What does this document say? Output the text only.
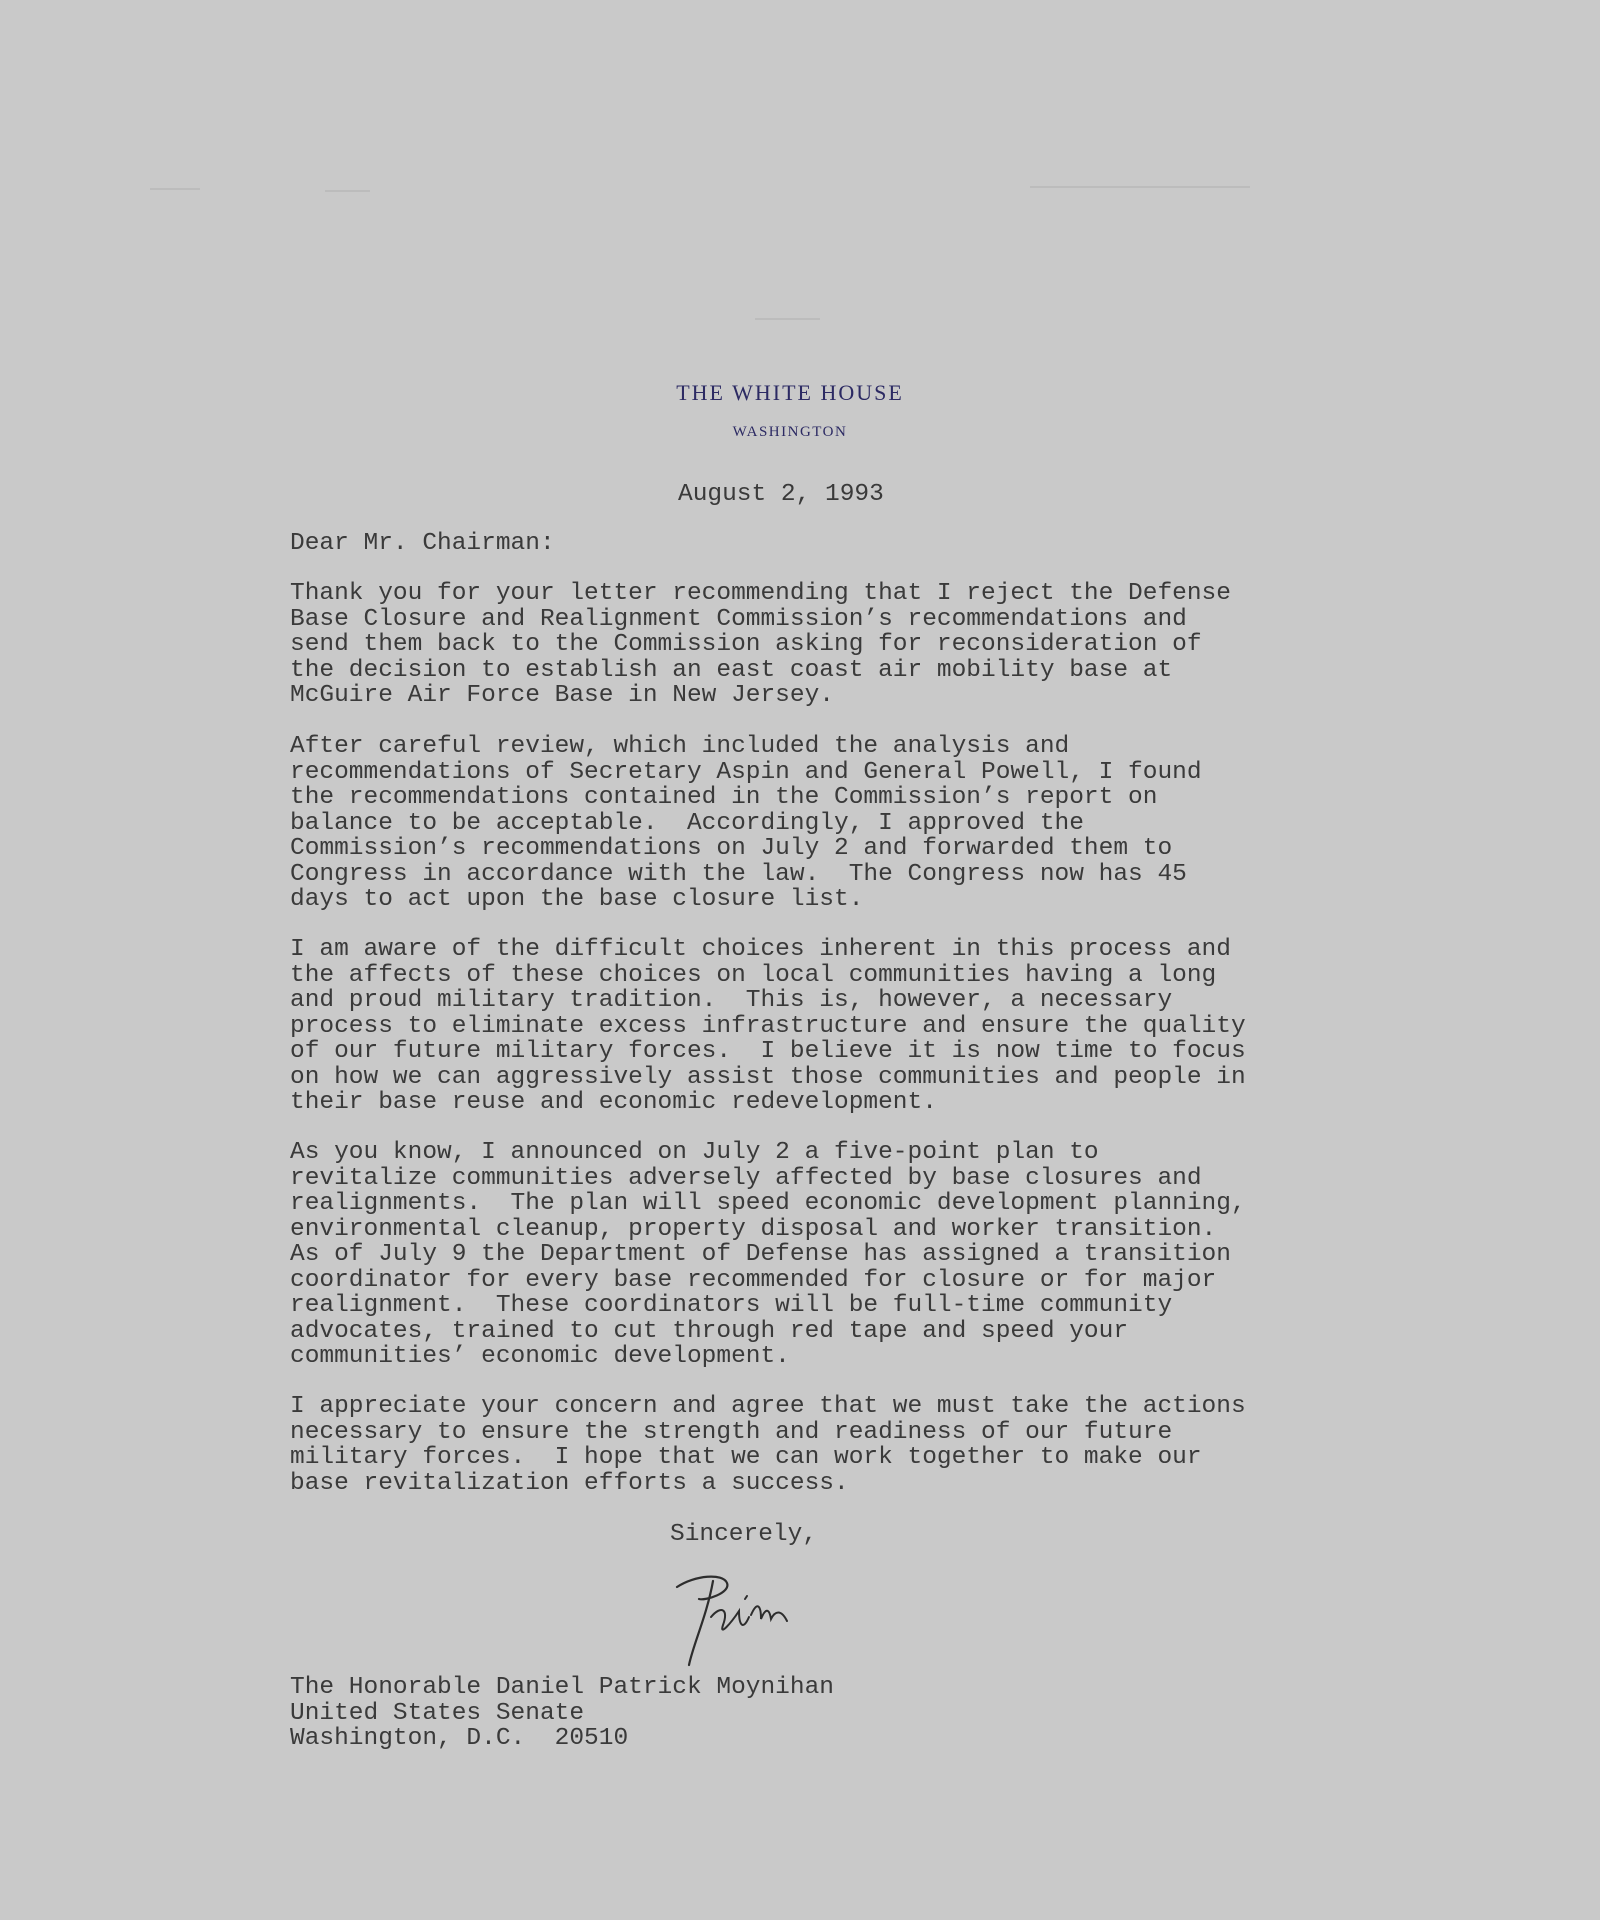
THE WHITE HOUSE
WASHINGTON
August 2, 1993
Dear Mr. Chairman:

Thank you for your letter recommending that I reject the Defense
Base Closure and Realignment Commission’s recommendations and
send them back to the Commission asking for reconsideration of
the decision to establish an east coast air mobility base at
McGuire Air Force Base in New Jersey.

After careful review, which included the analysis and
recommendations of Secretary Aspin and General Powell, I found
the recommendations contained in the Commission’s report on
balance to be acceptable.  Accordingly, I approved the
Commission’s recommendations on July 2 and forwarded them to
Congress in accordance with the law.  The Congress now has 45
days to act upon the base closure list.

I am aware of the difficult choices inherent in this process and
the affects of these choices on local communities having a long
and proud military tradition.  This is, however, a necessary
process to eliminate excess infrastructure and ensure the quality
of our future military forces.  I believe it is now time to focus
on how we can aggressively assist those communities and people in
their base reuse and economic redevelopment.

As you know, I announced on July 2 a five-point plan to
revitalize communities adversely affected by base closures and
realignments.  The plan will speed economic development planning,
environmental cleanup, property disposal and worker transition.
As of July 9 the Department of Defense has assigned a transition
coordinator for every base recommended for closure or for major
realignment.  These coordinators will be full-time community
advocates, trained to cut through red tape and speed your
communities’ economic development.

I appreciate your concern and agree that we must take the actions
necessary to ensure the strength and readiness of our future
military forces.  I hope that we can work together to make our
base revitalization efforts a success.

Sincerely,

The Honorable Daniel Patrick Moynihan
United States Senate
Washington, D.C.  20510
